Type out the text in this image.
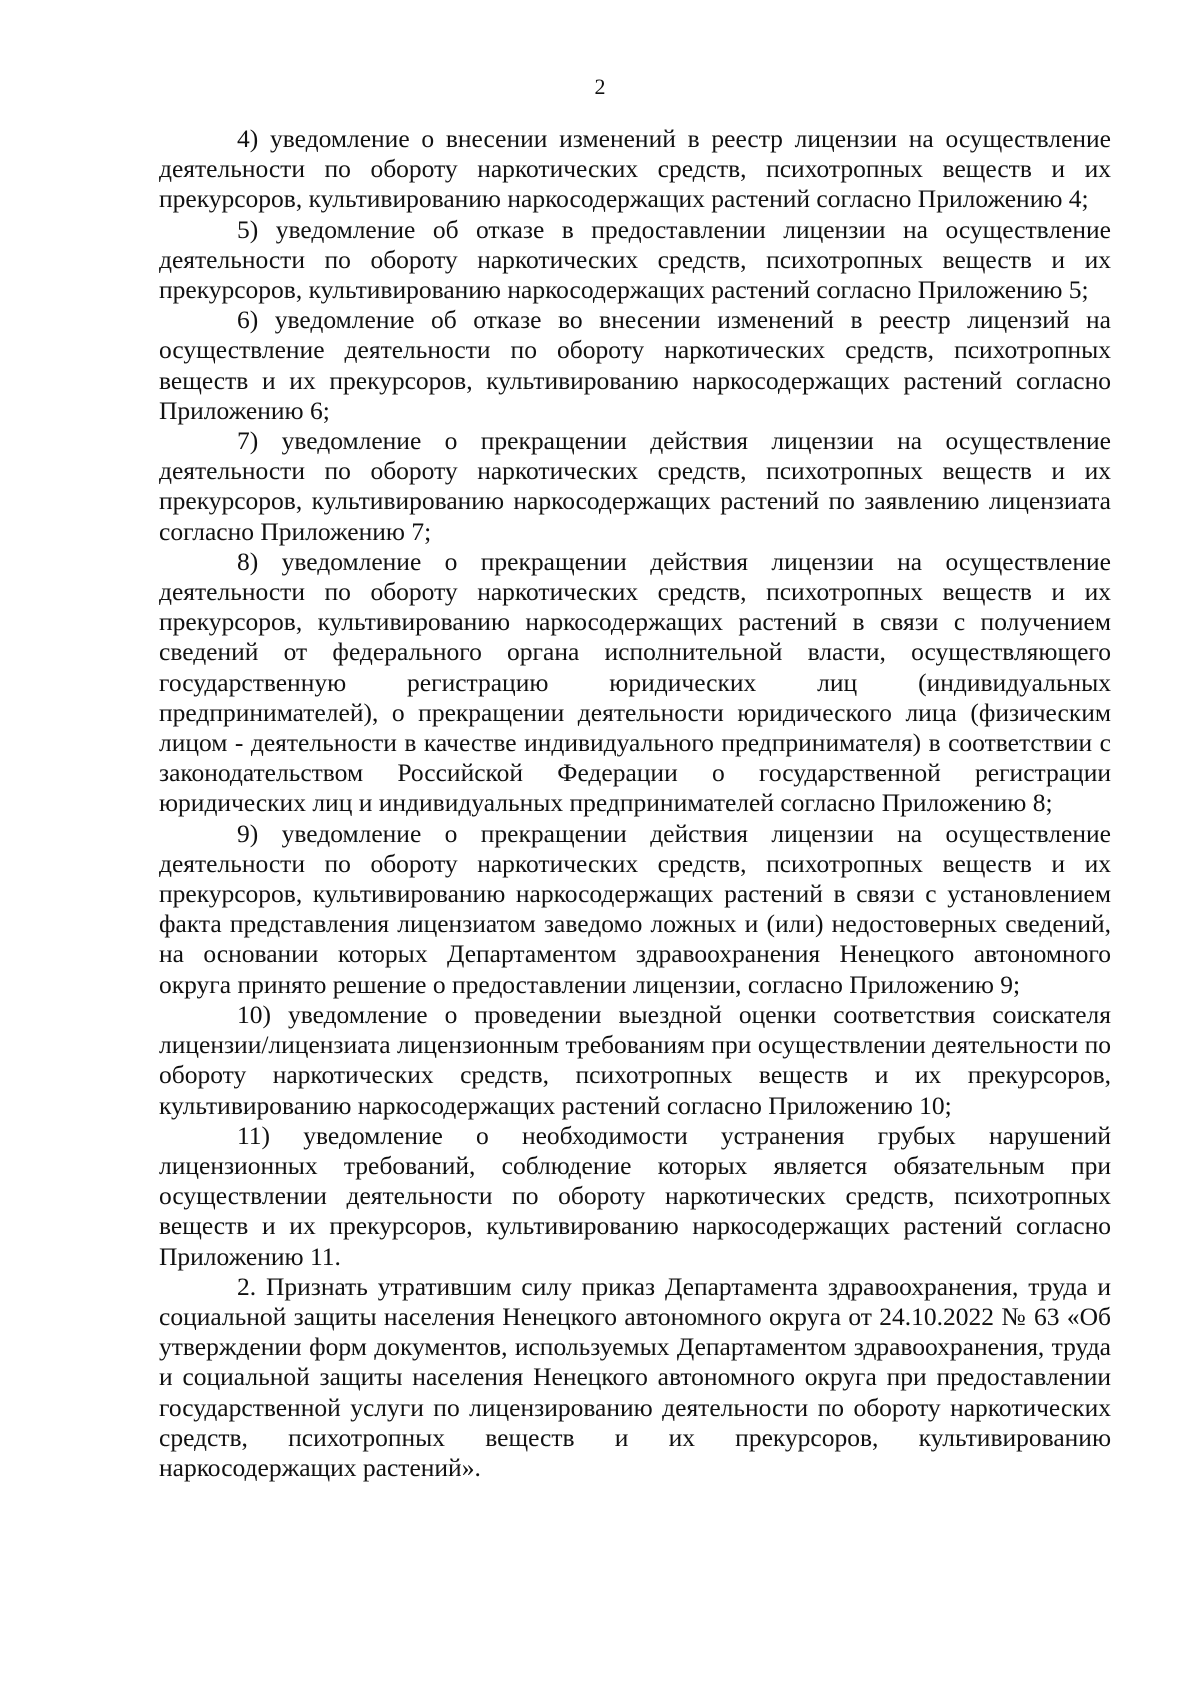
2

4) уведомление о внесении изменений в реестр лицензии на осуществление деятельности по обороту наркотических средств, психотропных веществ и их прекурсоров, культивированию наркосодержащих растений согласно Приложению 4;

5) уведомление об отказе в предоставлении лицензии на осуществление деятельности по обороту наркотических средств, психотропных веществ и их прекурсоров, культивированию наркосодержащих растений согласно Приложению 5;

6) уведомление об отказе во внесении изменений в реестр лицензий на осуществление деятельности по обороту наркотических средств, психотропных веществ и их прекурсоров, культивированию наркосодержащих растений согласно Приложению 6;

7) уведомление о прекращении действия лицензии на осуществление деятельности по обороту наркотических средств, психотропных веществ и их прекурсоров, культивированию наркосодержащих растений по заявлению лицензиата согласно Приложению 7;

8) уведомление о прекращении действия лицензии на осуществление деятельности по обороту наркотических средств, психотропных веществ и их прекурсоров, культивированию наркосодержащих растений в связи с получением сведений от федерального органа исполнительной власти, осуществляющего государственную регистрацию юридических лиц (индивидуальных предпринимателей), о прекращении деятельности юридического лица (физическим лицом - деятельности в качестве индивидуального предпринимателя) в соответствии с законодательством Российской Федерации о государственной регистрации юридических лиц и индивидуальных предпринимателей согласно Приложению 8;

9) уведомление о прекращении действия лицензии на осуществление деятельности по обороту наркотических средств, психотропных веществ и их прекурсоров, культивированию наркосодержащих растений в связи с установлением факта представления лицензиатом заведомо ложных и (или) недостоверных сведений, на основании которых Департаментом здравоохранения Ненецкого автономного округа принято решение о предоставлении лицензии, согласно Приложению 9;

10) уведомление о проведении выездной оценки соответствия соискателя лицензии/лицензиата лицензионным требованиям при осуществлении деятельности по обороту наркотических средств, психотропных веществ и их прекурсоров, культивированию наркосодержащих растений согласно Приложению 10;

11) уведомление о необходимости устранения грубых нарушений лицензионных требований, соблюдение которых является обязательным при осуществлении деятельности по обороту наркотических средств, психотропных веществ и их прекурсоров, культивированию наркосодержащих растений согласно Приложению 11.

2. Признать утратившим силу приказ Департамента здравоохранения, труда и социальной защиты населения Ненецкого автономного округа от 24.10.2022 № 63 «Об утверждении форм документов, используемых Департаментом здравоохранения, труда и социальной защиты населения Ненецкого автономного округа при предоставлении государственной услуги по лицензированию деятельности по обороту наркотических средств, психотропных веществ и их прекурсоров, культивированию наркосодержащих растений».
